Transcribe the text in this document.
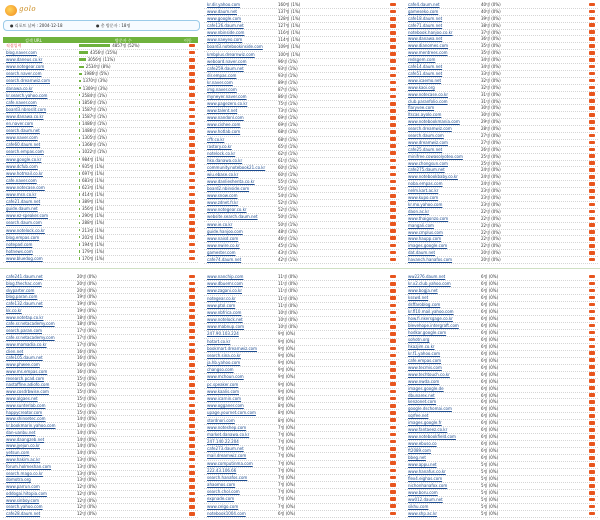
golo
● 리포트 날짜 : 2004-12-18	● 총 방문자 : 18명
검색 URL	방문자 수	이동
직접입력	4857명 (52%)
blog.naver.com	4356명 (15%)
www.daneus.co.kr	3056명 (11%)
www.notegear.com	2534명 (8%)
search.naver.com	1986명 (5%)
search.drearnwiz.com	1370명 (3%)
danawa.co.kr	1309명 (3%)
kr.search.yahoo.com	2584명 (1%)
cafe.naver.com	1856명 (1%)
board3.nbroslit.com	1587명 (1%)
www.danawa.co.kr	1587명 (1%)
en.naver.com	1486명 (1%)
search.daum.net	1486명 (1%)
www.naver.com	1305명 (1%)
cafe60.daum.net	1366명 (1%)
search.empas.com	1022명 (1%)
www.google.co.kr	984명 (1%)
www.dcfub.com	935명 (1%)
www.hotmail.co.kr	697명 (1%)
cafe.naver.com	683명 (1%)
www.notecase.com	623명 (1%)
www.msn.co.kr	414명 (1%)
cafe21.daum.net	389명 (1%)
guide.daum.net	356명 (1%)
www.ez-speaker.com	290명 (1%)
search.daum.com	288명 (1%)
www.notelock.co.kr	213명 (1%)
blog.empas.com	202명 (1%)
notepad.com	194명 (1%)
hotnews.com	179명 (1%)
www.bluedog.com	170명 (1%)
kr.dir.yahoo.com	160명 (1%)
www.daum.net	137명 (1%)
www.google.com	128명 (1%)
cafe126.daum.net	127명 (1%)
www.nbinside.com	116명 (1%)
www.naeyeo.com	114명 (1%)
board3.notebookinside.com	109명 (1%)
kmbplus.drearnwiz.com	100명 (1%)
weboard.naver.com	96명 (1%)
cafe259.daum.net	93명 (1%)
dir.empas.com	93명 (1%)
kr.naver.com	89명 (1%)
img.naver.com	87명 (1%)
myneyer.naver.com	86명 (1%)
www.pagezero.co.kr	75명 (1%)
www.talent.net	73명 (1%)
www.nandonl.com	69명 (1%)
www.cishee.com	69명 (1%)
www.hotlab.com	68명 (1%)
cffr.co.kr	68명 (1%)
rastory.co.kr	65명 (1%)
notelock.co.kr	62명 (1%)
hko.danawa.co.kr	61명 (1%)
community.notebook21.co.kr	60명 (1%)
wiu.ebase.co.kr	60명 (1%)
www.danlieshenta.co.kr	55명 (1%)
board2.nbinside.com	55명 (1%)
www.snow.com	54명 (1%)
www.zdnet.fr.kr	52명 (1%)
www.notegear.co.kr	52명 (1%)
website.search.daum.net	50명 (1%)
www.ie.co.kr	50명 (1%)
guide.hanjoo.com	48명 (1%)
www.naisd.com	46명 (1%)
www.nwire.co.kr	45명 (1%)
gamester.com	43명 (1%)
cafe74.daum.net	42명 (1%)
cafe4.daum.net	40명 (0%)
gameseko.com	40명 (0%)
cafe18.daum.net	39명 (0%)
cafe71.daum.net	38명 (0%)
notebook.hanjoo.co.kr	37명 (0%)
www.danawa.net	36명 (0%)
www.dianomes.com	35명 (0%)
www.mentrees.com	35명 (0%)
redsgem.com	34명 (0%)
cafe14.daum.net	34명 (0%)
cafe51.daum.net	33명 (0%)
www.icaemo.net	32명 (0%)
www.kaoi.org	32명 (0%)
www.notecase.co.kr	31명 (0%)
club.paranfolio.com	31명 (0%)
flaryvee.com	30명 (0%)
ltscas.ayolo.com	30명 (0%)
www.notebookmania.com	29명 (0%)
search.dreamwiz.com	28명 (0%)
search.daum.com	27명 (0%)
www.dreamwiz.com	27명 (0%)
cafe25.daum.net	26명 (0%)
minifree.cowasolyoteo.com	25명 (0%)
www.chongsun.com	25명 (0%)
cafe275.daum.net	24명 (0%)
www.notebookbaby.co.kr	24명 (0%)
noba.empas.com	24명 (0%)
nelm.kart.ac.kr	23명 (0%)
www.kupo.com	23명 (0%)
kr.mo.yahoo.com	23명 (0%)
daon.ac.kr	22명 (0%)
www.thaigonzo.com	22명 (0%)
mangali.com	22명 (0%)
www.cmplus.com	22명 (0%)
www.haupp.com	22명 (0%)
images.google.com	22명 (0%)
dat.daum.net	20명 (0%)
havanch.hanafos.com	20명 (0%)
cafe241.daum.net	20명 (0%)
blog.thechac.com	20명 (0%)
skyparter.com	20명 (0%)
blog.paran.com	19명 (0%)
cafe132.daum.net	19명 (0%)
kk.co.kr	19명 (0%)
www.notetap.co.kr	18명 (0%)
cafe.sr.netacademy.com	18명 (0%)
search.paran.com	17명 (0%)
cafe.sr.netacademy.com	17명 (0%)
www.mamadia.co.kr	17명 (0%)
clien.net	16명 (0%)
cafe105.daum.net	16명 (0%)
www.phwee.com	16명 (0%)
www.ms.empas.com	16명 (0%)
research.pcad.com	15명 (0%)
nastaffine.adiofo.com	15명 (0%)
www.cosdrbwise.com	15명 (0%)
www.algaes.net	15명 (0%)
www.sunterlab.com	15명 (0%)
happycreator.com	15명 (0%)
www.shinsetec.com	14명 (0%)
kr.bookmarin.yahoo.com	14명 (0%)
dan-uanbu.net	14명 (0%)
www.daangzeb.net	14명 (0%)
www.jyejun.co.kr	14명 (0%)
yetsun.com	14명 (0%)
www.hakim.ac.kr	13명 (0%)
forum.holmeshan.com	13명 (0%)
search.mago.co.kr	13명 (0%)
domotra.org	13명 (0%)
www.parrun.com	12명 (0%)
oddogai.hitopia.com	12명 (0%)
www.sinboy.com	12명 (0%)
search.yahoo.com	12명 (0%)
cafe28.daum.net	12명 (0%)
www.nanchip.com	11명 (0%)
www.dbuemr.com	11명 (0%)
www.zagani.co.kr	11명 (0%)
notegear.co.kr	11명 (0%)
www.ptol.com	11명 (0%)
www.nbfrica.com	10명 (0%)
www.notelock.net	10명 (0%)
www.mabnup.com	10명 (0%)
247.90.103.224	9명 (0%)
hotart.co.kr	9명 (0%)
bookmart.drearnwiz.com	9명 (0%)
search.sina.co.kr	9명 (0%)
ja.hb.yahoo.com	9명 (0%)
changso.com	9명 (0%)
www.mchoun.com	9명 (0%)
pc.speaker.com	9명 (0%)
www.kaalis.com	9명 (0%)
www.icarnin.com	8명 (0%)
www.ogganer.com	8명 (0%)
upage.yournet.com.com	8명 (0%)
stordnori.com	8명 (0%)
www.noteshep.com	7명 (0%)
market.danawa.co.kr	7명 (0%)
247.140.22.204	7명 (0%)
cafe273.daum.net	7명 (0%)
mail.drearnwiz.com	7명 (0%)
www.computinma.com	7명 (0%)
222.43.106.66	7명 (0%)
search.hanafos.com	7명 (0%)
ahaomos.com	7명 (0%)
search.chol.com	7명 (0%)
expnade.com	7명 (0%)
www.celgo.com	7명 (0%)
notebook1004.com	6명 (0%)
ww2276.daum.net	6명 (0%)
kr.x2.club.yahoo.com	6명 (0%)
www.bogja.net	6명 (0%)
ksswd.net	6명 (0%)
dsffaroblog.com	6명 (0%)
kr.fl10.mail.yahoo.com	6명 (0%)
how.fi.nkersgage.co.kr	6명 (0%)
blevehope.intergraft.com	6명 (0%)
hodkar.google.com	6명 (0%)
sohotn.org	6명 (0%)
hkazjim.co.kr	6명 (0%)
kr.f1.yahoo.com	6명 (0%)
cafe.empas.com	6명 (0%)
www.tecmis.com	6명 (0%)
www.techtouch.co.kr	6명 (0%)
www.nwda.com	6명 (0%)
images.google.de	6명 (0%)
dbunarex.net	6명 (0%)
kenzonet.com	6명 (0%)
google.dschomai.com	6명 (0%)
sqrfee.net	6명 (0%)
images.google.fr	6명 (0%)
www.fantaeez.co.kr	6명 (0%)
www.notebookfield.com	6명 (0%)
www.ebuso.co	6명 (0%)
ft2089.com	6명 (0%)
bbeg.net	6명 (0%)
www.appu.net	5명 (0%)
www.hanafus.co.kr	5명 (0%)
flex4.eighas.com	5명 (0%)
nichonhanafox.com	5명 (0%)
www.boru.com	5명 (0%)
ww012.daum.net	5명 (0%)
sikhu.com	5명 (0%)
www.shp.ac.kr	5명 (0%)
